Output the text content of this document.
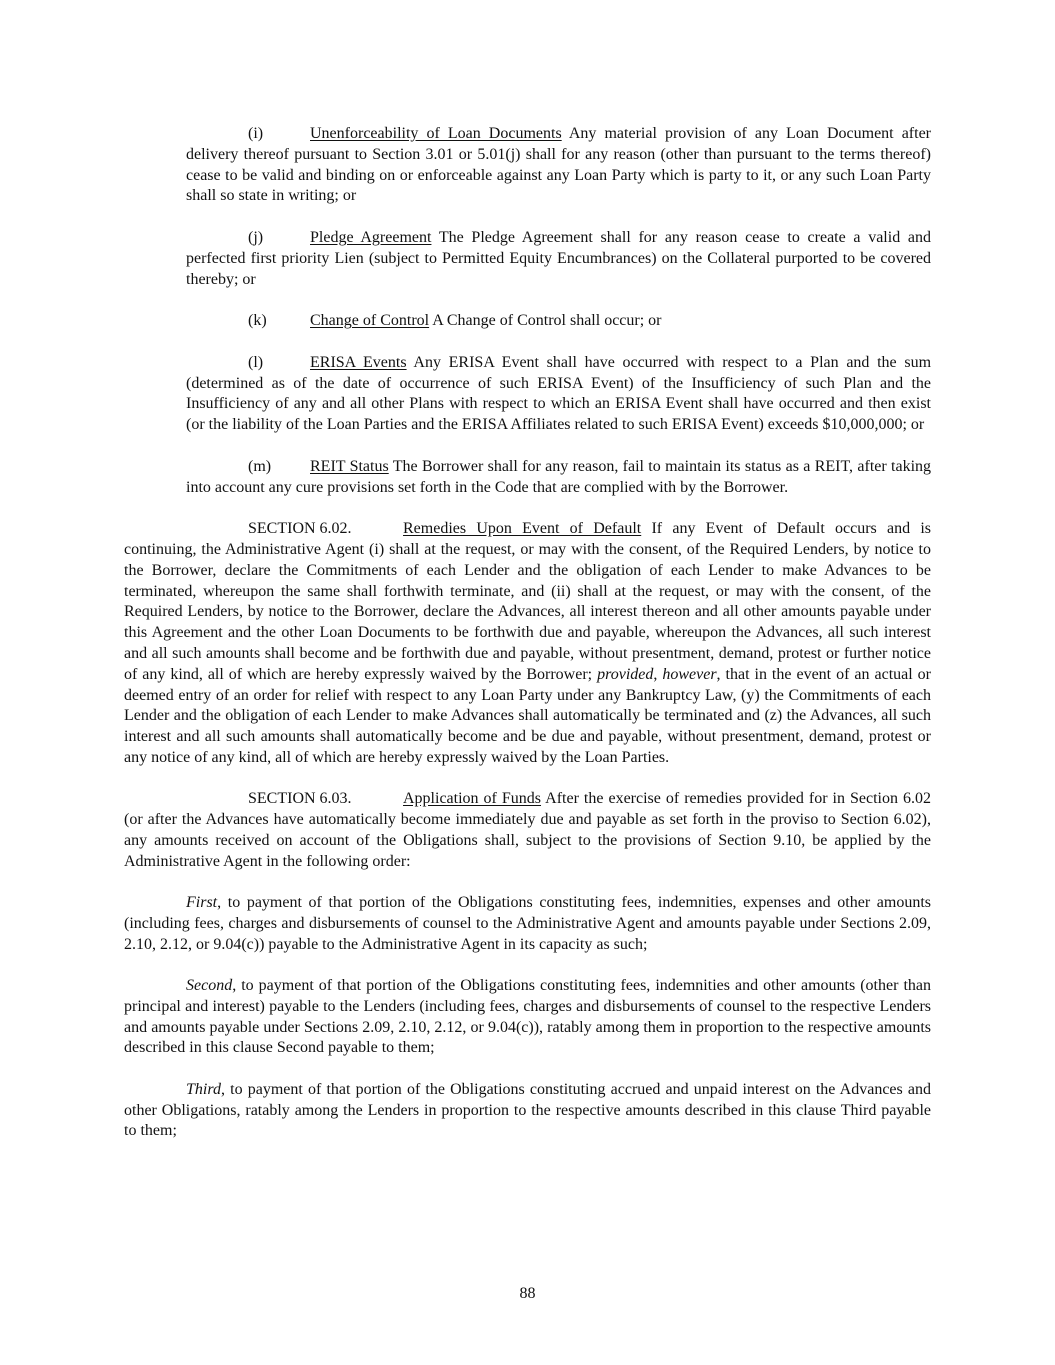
(i)	Unenforceability of Loan Documents Any material provision of any Loan Document after delivery thereof pursuant to Section 3.01 or 5.01(j) shall for any reason (other than pursuant to the terms thereof) cease to be valid and binding on or enforceable against any Loan Party which is party to it, or any such Loan Party shall so state in writing; or

(j)	Pledge Agreement The Pledge Agreement shall for any reason cease to create a valid and perfected first priority Lien (subject to Permitted Equity Encumbrances) on the Collateral purported to be covered thereby; or

(k)	Change of Control A Change of Control shall occur; or

(l)	ERISA Events Any ERISA Event shall have occurred with respect to a Plan and the sum (determined as of the date of occurrence of such ERISA Event) of the Insufficiency of such Plan and the Insufficiency of any and all other Plans with respect to which an ERISA Event shall have occurred and then exist (or the liability of the Loan Parties and the ERISA Affiliates related to such ERISA Event) exceeds $10,000,000; or

(m) REIT Status The Borrower shall for any reason, fail to maintain its status as a REIT, after taking into account any cure provisions set forth in the Code that are complied with by the Borrower.

SECTION 6.02.	Remedies Upon Event of Default If any Event of Default occurs and is continuing, the Administrative Agent (i) shall at the request, or may with the consent, of the Required Lenders, by notice to the Borrower, declare the Commitments of each Lender and the obligation of each Lender to make Advances to be terminated, whereupon the same shall forthwith terminate, and (ii) shall at the request, or may with the consent, of the Required Lenders, by notice to the Borrower, declare the Advances, all interest thereon and all other amounts payable under this Agreement and the other Loan Documents to be forthwith due and payable, whereupon the Advances, all such interest and all such amounts shall become and be forthwith due and payable, without presentment, demand, protest or further notice of any kind, all of which are hereby expressly waived by the Borrower; provided, however, that in the event of an actual or deemed entry of an order for relief with respect to any Loan Party under any Bankruptcy Law, (y) the Commitments of each Lender and the obligation of each Lender to make Advances shall automatically be terminated and (z) the Advances, all such interest and all such amounts shall automatically become and be due and payable, without presentment, demand, protest or any notice of any kind, all of which are hereby expressly waived by the Loan Parties.

SECTION 6.03.	Application of Funds After the exercise of remedies provided for in Section 6.02 (or after the Advances have automatically become immediately due and payable as set forth in the proviso to Section 6.02), any amounts received on account of the Obligations shall, subject to the provisions of Section 9.10, be applied by the Administrative Agent in the following order:

First, to payment of that portion of the Obligations constituting fees, indemnities, expenses and other amounts (including fees, charges and disbursements of counsel to the Administrative Agent and amounts payable under Sections 2.09, 2.10, 2.12, or 9.04(c)) payable to the Administrative Agent in its capacity as such;

Second, to payment of that portion of the Obligations constituting fees, indemnities and other amounts (other than principal and interest) payable to the Lenders (including fees, charges and disbursements of counsel to the respective Lenders and amounts payable under Sections 2.09, 2.10, 2.12, or 9.04(c)), ratably among them in proportion to the respective amounts described in this clause Second payable to them;

Third, to payment of that portion of the Obligations constituting accrued and unpaid interest on the Advances and other Obligations, ratably among the Lenders in proportion to the respective amounts described in this clause Third payable to them;

88
